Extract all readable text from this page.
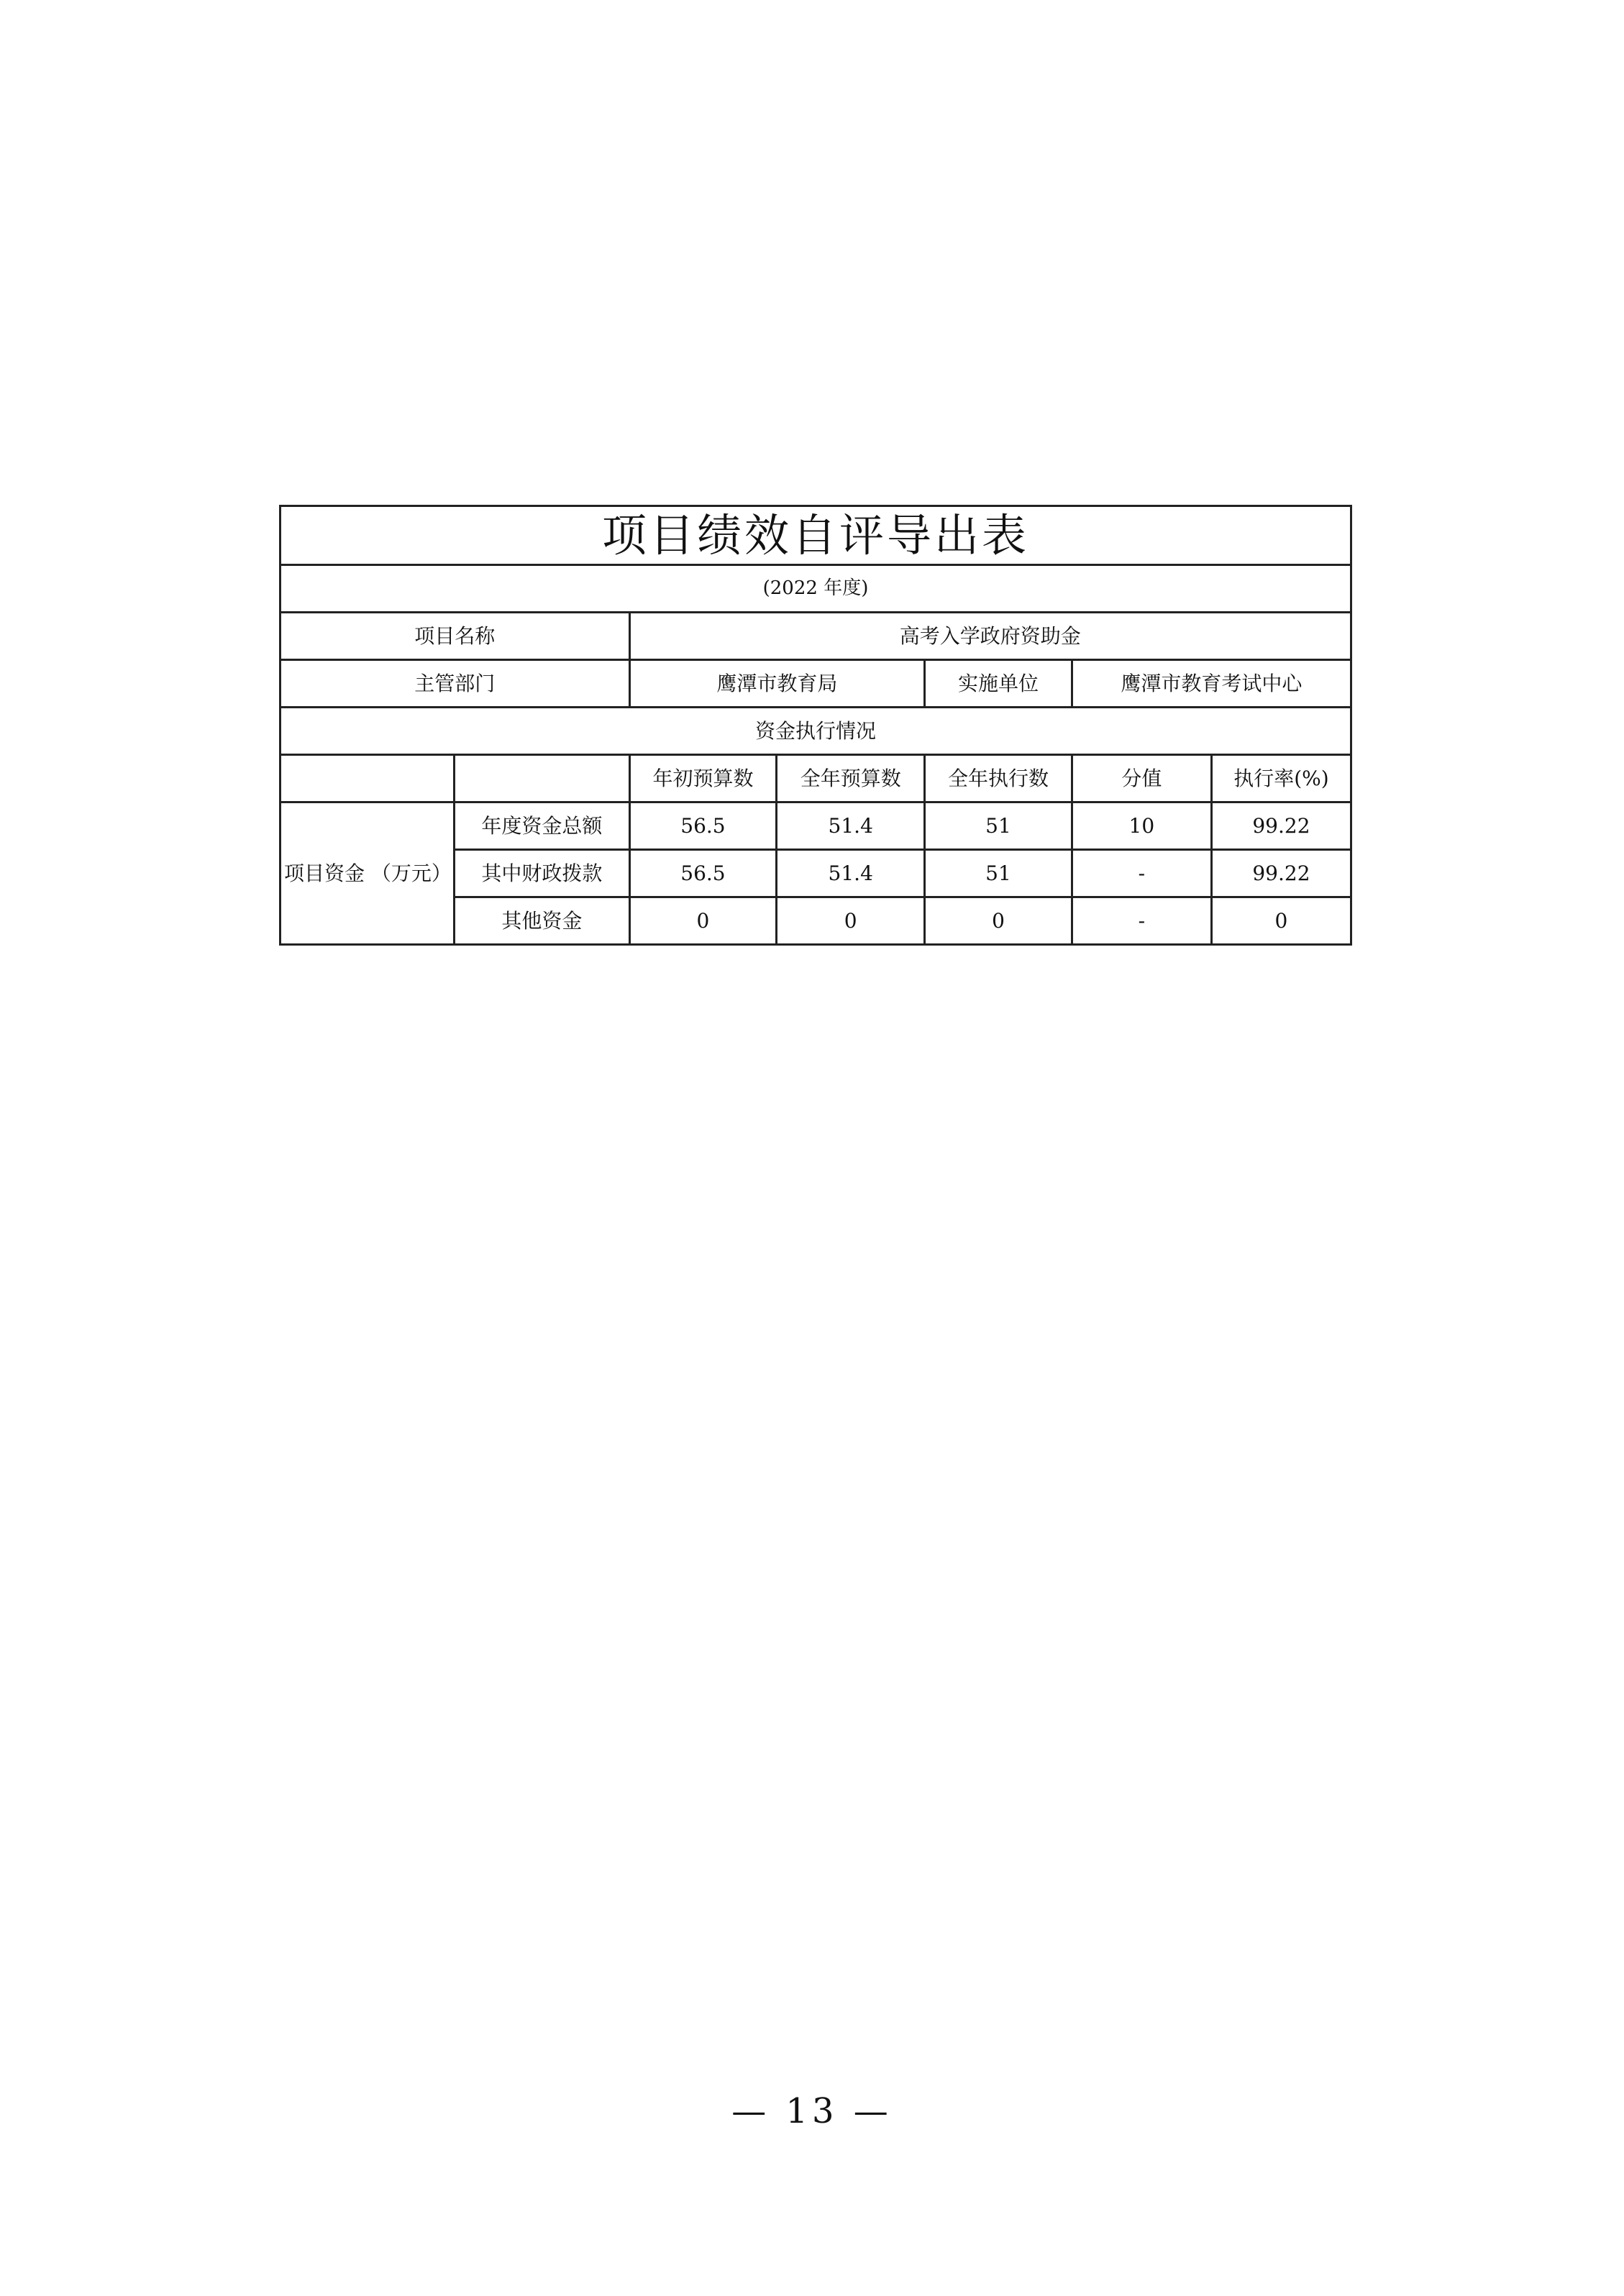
项目绩效自评导出表						
(2022 年度)						
项目名称		高考入学政府资助金				
主管部门		鹰潭市教育局		实施单位	鹰潭市教育考试中心	
资金执行情况						
		年初预算数	全年预算数	全年执行数	分值	执行率(%)
项目资金 （万元）	年度资金总额	56.5	51.4	51	10	99.22
	其中财政拨款	56.5	51.4	51	-	99.22
	其他资金	0	0	0	-	0
— 13 —
